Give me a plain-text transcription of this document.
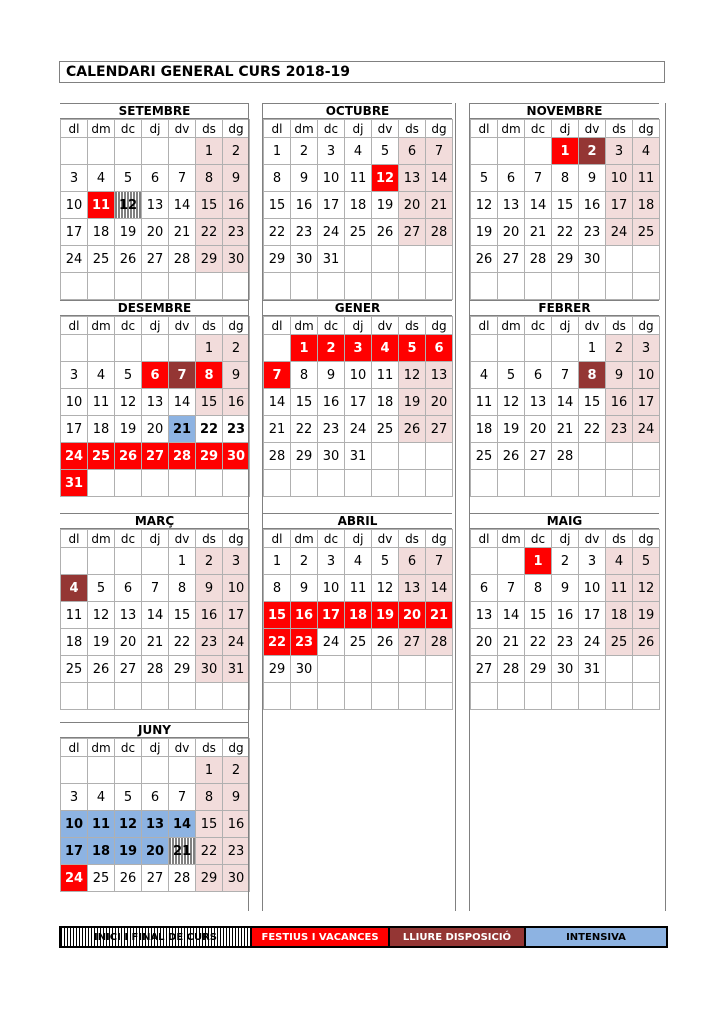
CALENDARI GENERAL CURS 2018-19
SETEMBRE
dl	dm	dc	dj	dv	ds	dg
					1	2
3	4	5	6	7	8	9
10	11	12	13	14	15	16
17	18	19	20	21	22	23
24	25	26	27	28	29	30

OCTUBRE
dl	dm	dc	dj	dv	ds	dg
1	2	3	4	5	6	7
8	9	10	11	12	13	14
15	16	17	18	19	20	21
22	23	24	25	26	27	28
29	30	31				

NOVEMBRE
dl	dm	dc	dj	dv	ds	dg
			1	2	3	4
5	6	7	8	9	10	11
12	13	14	15	16	17	18
19	20	21	22	23	24	25
26	27	28	29	30		

DESEMBRE
dl	dm	dc	dj	dv	ds	dg
					1	2
3	4	5	6	7	8	9
10	11	12	13	14	15	16
17	18	19	20	21	22	23
24	25	26	27	28	29	30
31						
GENER
dl	dm	dc	dj	dv	ds	dg
	1	2	3	4	5	6
7	8	9	10	11	12	13
14	15	16	17	18	19	20
21	22	23	24	25	26	27
28	29	30	31			

FEBRER
dl	dm	dc	dj	dv	ds	dg
				1	2	3
4	5	6	7	8	9	10
11	12	13	14	15	16	17
18	19	20	21	22	23	24
25	26	27	28			

MARÇ
dl	dm	dc	dj	dv	ds	dg
				1	2	3
4	5	6	7	8	9	10
11	12	13	14	15	16	17
18	19	20	21	22	23	24
25	26	27	28	29	30	31

ABRIL
dl	dm	dc	dj	dv	ds	dg
1	2	3	4	5	6	7
8	9	10	11	12	13	14
15	16	17	18	19	20	21
22	23	24	25	26	27	28
29	30					

MAIG
dl	dm	dc	dj	dv	ds	dg
		1	2	3	4	5
6	7	8	9	10	11	12
13	14	15	16	17	18	19
20	21	22	23	24	25	26
27	28	29	30	31		

JUNY
dl	dm	dc	dj	dv	ds	dg
					1	2
3	4	5	6	7	8	9
10	11	12	13	14	15	16
17	18	19	20	21	22	23
24	25	26	27	28	29	30
INICI I FINAL DE CURS	FESTIUS I VACANCES LLIURE DISPOSICIÓ	INTENSIVA
